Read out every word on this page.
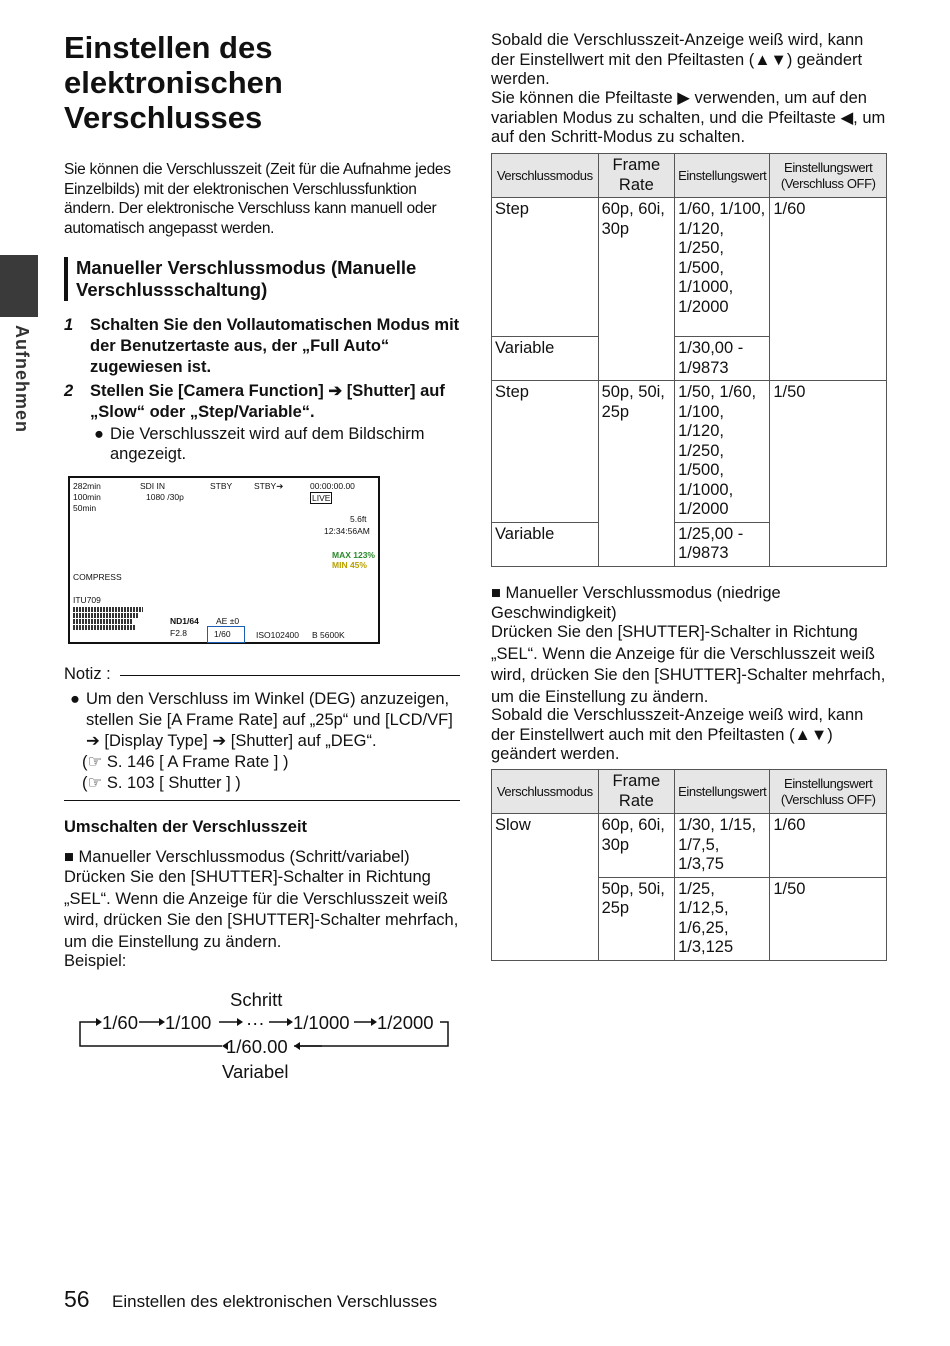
Einstellen des elektronischen Verschlusses
Sie können die Verschlusszeit (Zeit für die Aufnahme jedes Einzelbilds) mit der elektronischen Verschlussfunktion ändern. Der elektronische Verschluss kann manuell oder automatisch angepasst werden.
Aufnehmen
Manueller Verschlussmodus (Manuelle Verschlussschaltung)
1 Schalten Sie den Vollautomatischen Modus mit der Benutzertaste aus, der „Full Auto“ zugewiesen ist.
2 Stellen Sie [Camera Function] ➔ [Shutter] auf „Slow“ oder „Step/Variable“.
● Die Verschlusszeit wird auf dem Bildschirm angezeigt.
282min
100min
50min
SDI IN
1080 /30p
STBY	STBY➔	00:00:00.00
LIVE
5.6ft
12:34:56AM
MAX 123%
MIN 45%
COMPRESS
ITU709
ND1/64
F2.8
AE ±0
1/60	ISO102400 B 5600K
Notiz :
● Um den Verschluss im Winkel (DEG) anzuzeigen, stellen Sie [A Frame Rate] auf „25p“ und [LCD/VF] ➔ [Display Type] ➔ [Shutter] auf „DEG“.
(☞ S. 146 [ A Frame Rate ] )
(☞ S. 103 [ Shutter ] )
Umschalten der Verschlusszeit
■ Manueller Verschlussmodus (Schritt/variabel)
Drücken Sie den [SHUTTER]-Schalter in Richtung „SEL“. Wenn die Anzeige für die Verschlusszeit weiß wird, drücken Sie den [SHUTTER]-Schalter mehrfach, um die Einstellung zu ändern.
Beispiel:
Schritt
1/60 1/100 ··· 1/1000 1/2000
1/60.00
Variabel
Sobald die Verschlusszeit-Anzeige weiß wird, kann der Einstellwert mit den Pfeiltasten (▲▼) geändert werden.
Sie können die Pfeiltaste ▶ verwenden, um auf den variablen Modus zu schalten, und die Pfeiltaste ◀, um auf den Schritt-Modus zu schalten.
Verschlussmodus	Frame Rate	Einstellungswert	Einstellungswert (Verschluss OFF)
Step	60p, 60i, 30p	1/60, 1/100, 1/120, 1/250, 1/500, 1/1000, 1/2000	1/60
Variable		1/30,00 - 1/9873	
Step	50p, 50i, 25p	1/50, 1/60, 1/100, 1/120, 1/250, 1/500, 1/1000, 1/2000	1/50
Variable		1/25,00 - 1/9873	
■ Manueller Verschlussmodus (niedrige Geschwindigkeit)
Drücken Sie den [SHUTTER]-Schalter in Richtung „SEL“. Wenn die Anzeige für die Verschlusszeit weiß wird, drücken Sie den [SHUTTER]-Schalter mehrfach, um die Einstellung zu ändern.
Sobald die Verschlusszeit-Anzeige weiß wird, kann der Einstellwert auch mit den Pfeiltasten (▲▼) geändert werden.
Verschlussmodus	Frame Rate	Einstellungswert	Einstellungswert (Verschluss OFF)
Slow	60p, 60i, 30p	1/30, 1/15, 1/7,5, 1/3,75	1/60
	50p, 50i, 25p	1/25, 1/12,5, 1/6,25, 1/3,125	1/50
56 Einstellen des elektronischen Verschlusses
